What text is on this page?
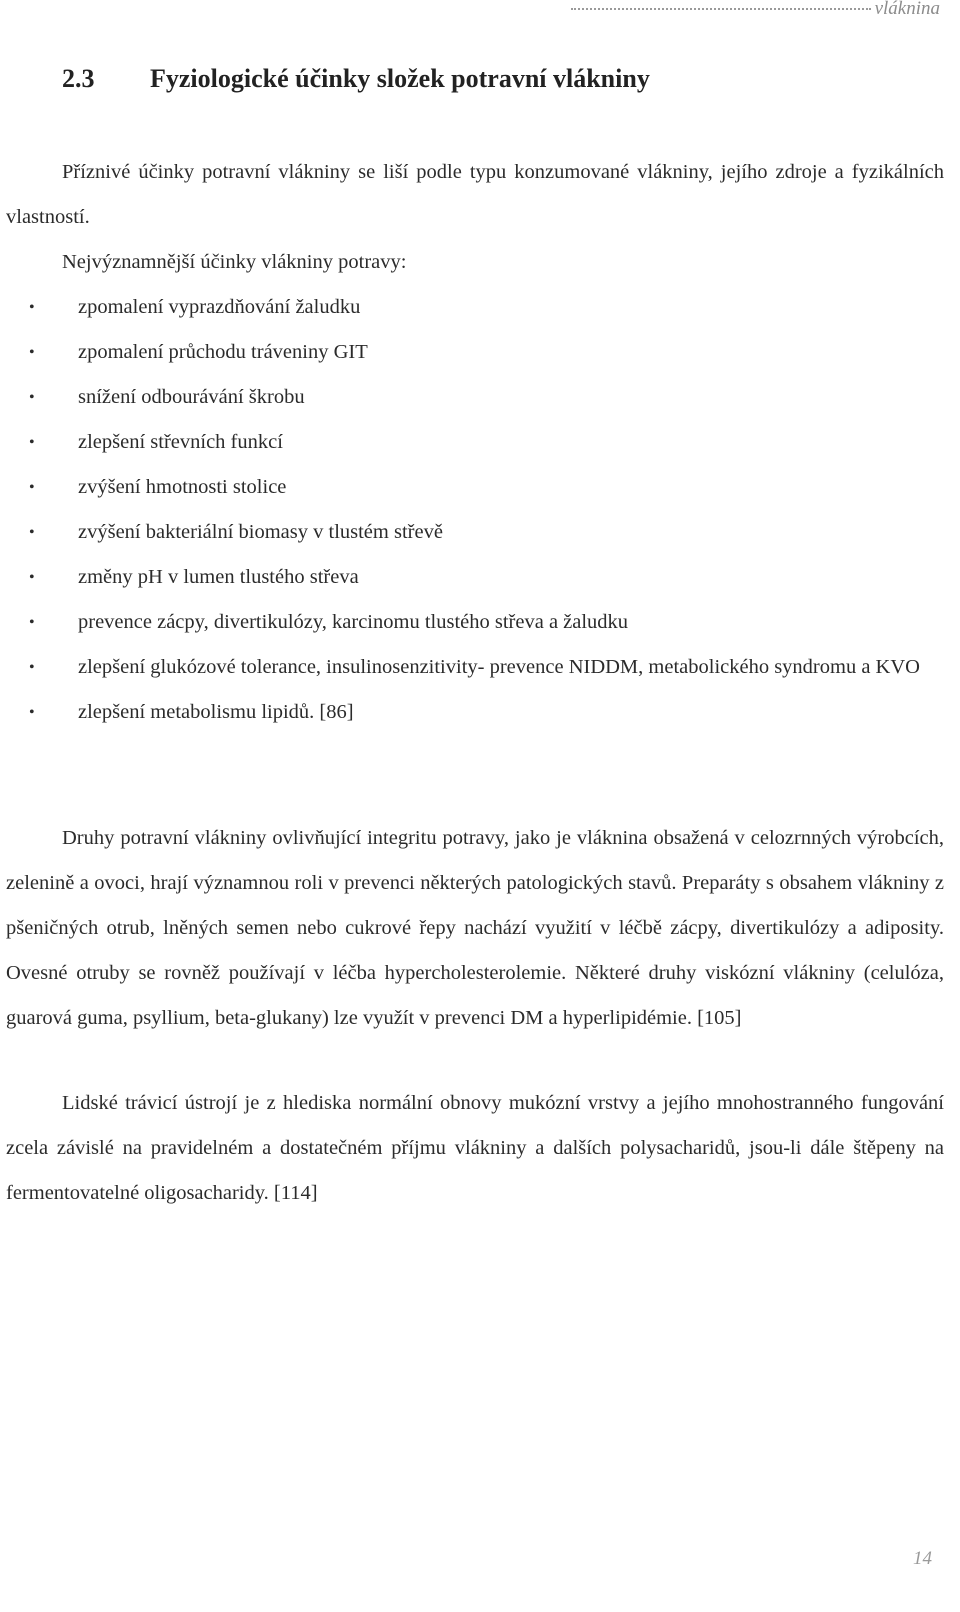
vláknina
2.3 Fyziologické účinky složek potravní vlákniny

Příznivé účinky potravní vlákniny se liší podle typu konzumované vlákniny, jejího zdroje a fyzikálních vlastností.

Nejvýznamnější účinky vlákniny potravy:

• zpomalení vyprazdňování žaludku
• zpomalení průchodu tráveniny GIT
• snížení odbourávání škrobu
• zlepšení střevních funkcí
• zvýšení hmotnosti stolice
• zvýšení bakteriální biomasy v tlustém střevě
• změny pH v lumen tlustého střeva
• prevence zácpy, divertikulózy, karcinomu tlustého střeva a žaludku
• zlepšení glukózové tolerance, insulinosenzitivity- prevence NIDDM, metabolického syndromu a KVO
• zlepšení metabolismu lipidů. [86]

Druhy potravní vlákniny ovlivňující integritu potravy, jako je vláknina obsažená v celozrnných výrobcích, zelenině a ovoci, hrají významnou roli v prevenci některých patologických stavů. Preparáty s obsahem vlákniny z pšeničných otrub, lněných semen nebo cukrové řepy nachází využití v léčbě zácpy, divertikulózy a adiposity. Ovesné otruby se rovněž používají v léčba hypercholesterolemie. Některé druhy viskózní vlákniny (celulóza, guarová guma, psyllium, beta-glukany) lze využít v prevenci DM a hyperlipidémie. [105]

Lidské trávicí ústrojí je z hlediska normální obnovy mukózní vrstvy a jejího mnohostranného fungování zcela závislé na pravidelném a dostatečném příjmu vlákniny a dalších polysacharidů, jsou-li dále štěpeny na fermentovatelné oligosacharidy. [114]

14
